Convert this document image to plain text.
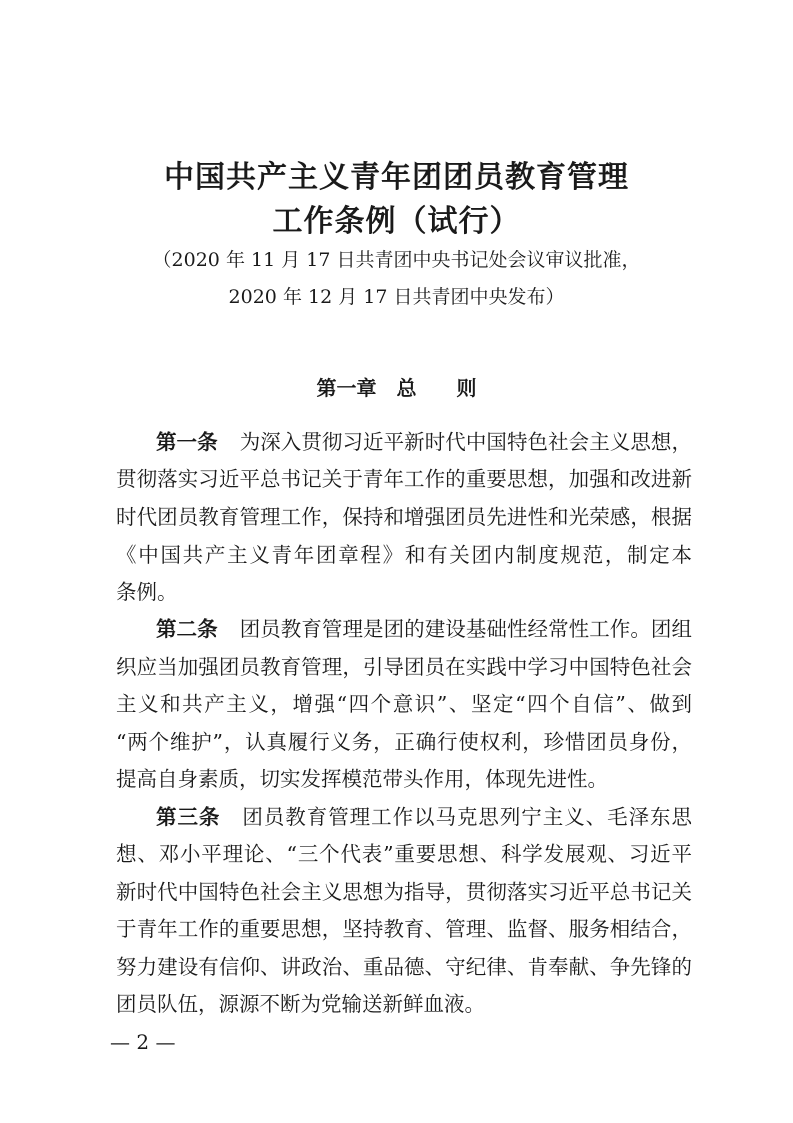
中国共产主义青年团团员教育管理
工作条例（试行）
（2020 年 11 月 17 日共青团中央书记处会议审议批准，
2020 年 12 月 17 日共青团中央发布）
第一章　总　　则
第一条 为深入贯彻习近平新时代中国特色社会主义思想，
贯彻落实习近平总书记关于青年工作的重要思想，加强和改进新
时代团员教育管理工作，保持和增强团员先进性和光荣感，根据
《中国共产主义青年团章程》和有关团内制度规范，制定本
条例。
第二条 团员教育管理是团的建设基础性经常性工作。团组
织应当加强团员教育管理，引导团员在实践中学习中国特色社会
主义和共产主义，增强“四个意识”、坚定“四个自信”、做到
“两个维护”，认真履行义务，正确行使权利，珍惜团员身份，
提高自身素质，切实发挥模范带头作用，体现先进性。
第三条 团员教育管理工作以马克思列宁主义、毛泽东思
想、邓小平理论、“三个代表”重要思想、科学发展观、习近平
新时代中国特色社会主义思想为指导，贯彻落实习近平总书记关
于青年工作的重要思想，坚持教育、管理、监督、服务相结合，
努力建设有信仰、讲政治、重品德、守纪律、肯奉献、争先锋的
团员队伍，源源不断为党输送新鲜血液。
— 2 —
